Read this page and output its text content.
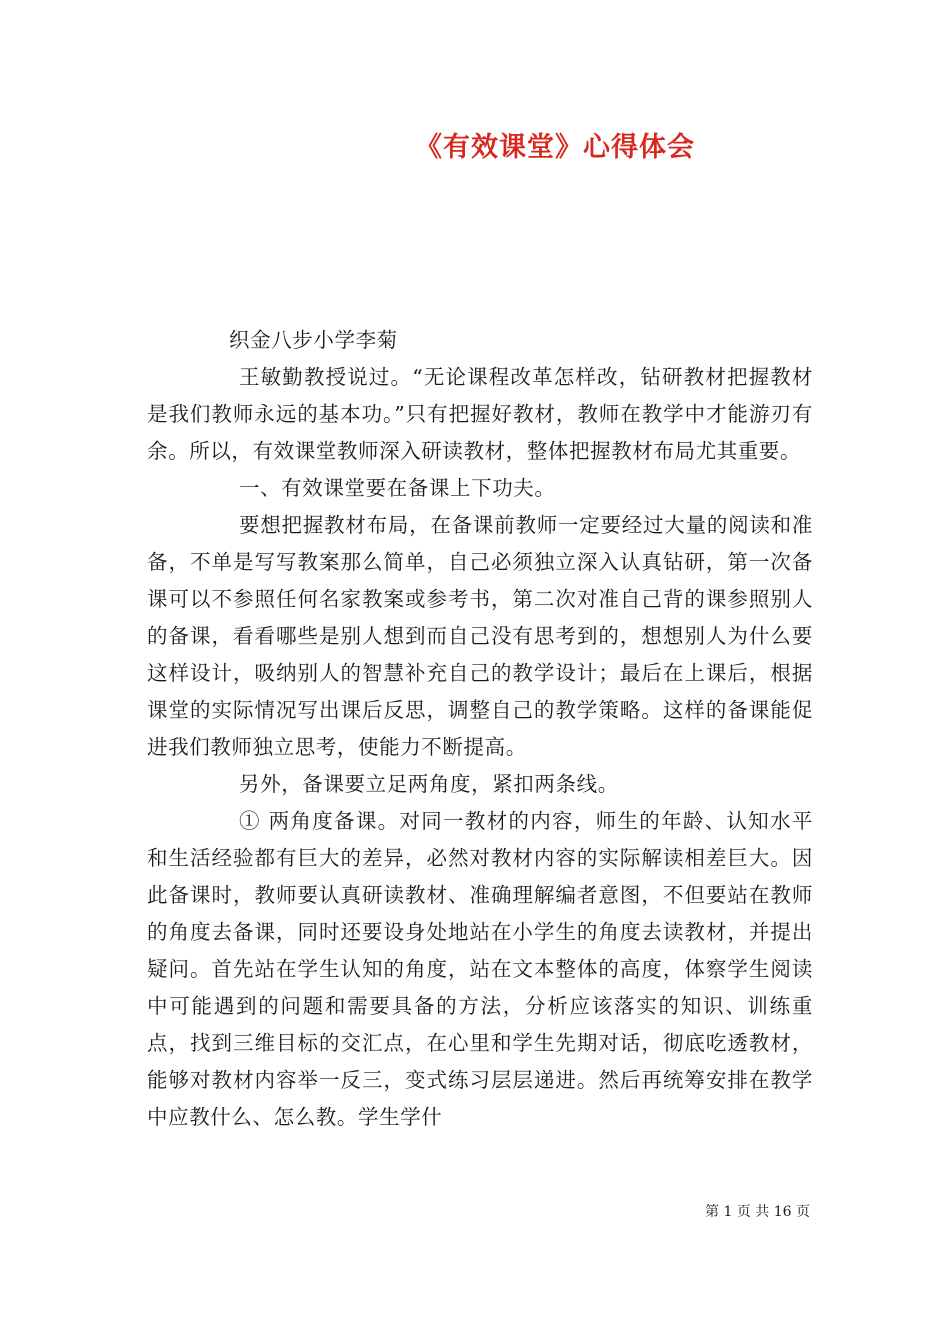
《有效课堂》心得体会

织金八步小学李菊

王敏勤教授说过。“无论课程改革怎样改，钻研教材把握教材是我们教师永远的基本功。”只有把握好教材，教师在教学中才能游刃有余。所以，有效课堂教师深入研读教材，整体把握教材布局尤其重要。

一、有效课堂要在备课上下功夫。

要想把握教材布局，在备课前教师一定要经过大量的阅读和准备，不单是写写教案那么简单，自己必须独立深入认真钻研，第一次备课可以不参照任何名家教案或参考书，第二次对准自己背的课参照别人的备课，看看哪些是别人想到而自己没有思考到的，想想别人为什么要这样设计，吸纳别人的智慧补充自己的教学设计；最后在上课后，根据课堂的实际情况写出课后反思，调整自己的教学策略。这样的备课能促进我们教师独立思考，使能力不断提高。

另外，备课要立足两角度，紧扣两条线。

① 两角度备课。对同一教材的内容，师生的年龄、认知水平和生活经验都有巨大的差异，必然对教材内容的实际解读相差巨大。因此备课时，教师要认真研读教材、准确理解编者意图，不但要站在教师的角度去备课，同时还要设身处地站在小学生的角度去读教材，并提出疑问。首先站在学生认知的角度，站在文本整体的高度，体察学生阅读中可能遇到的问题和需要具备的方法，分析应该落实的知识、训练重点，找到三维目标的交汇点，在心里和学生先期对话，彻底吃透教材，能够对教材内容举一反三，变式练习层层递进。然后再统筹安排在教学中应教什么、怎么教。学生学什

第 1 页 共 16 页
